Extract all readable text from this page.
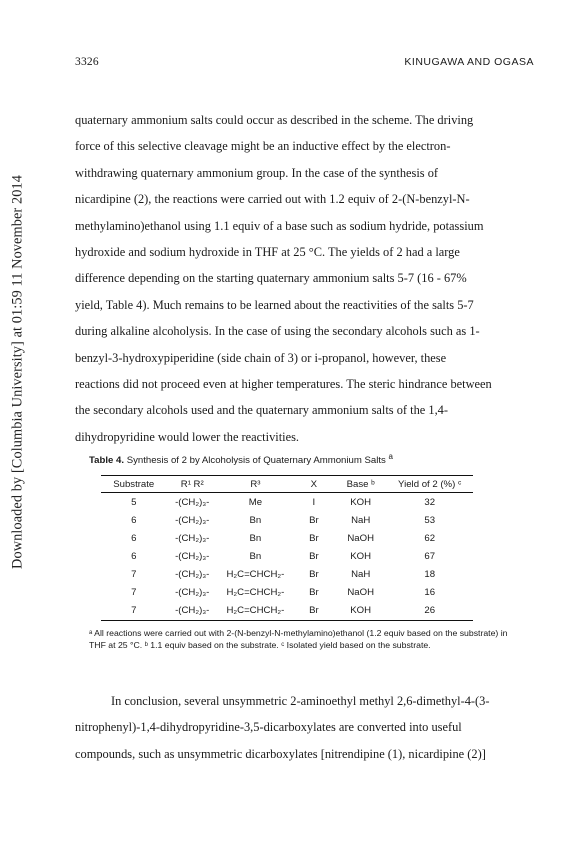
Downloaded by [Columbia University] at 01:59 11 November 2014
3326	KINUGAWA AND OGASA

quaternary ammonium salts could occur as described in the scheme. The driving

force of this selective cleavage might be an inductive effect by the electron-

withdrawing quaternary ammonium group. In the case of the synthesis of

nicardipine (2), the reactions were carried out with 1.2 equiv of 2-(N-benzyl-N-

methylamino)ethanol using 1.1 equiv of a base such as sodium hydride, potassium

hydroxide and sodium hydroxide in THF at 25 °C. The yields of 2 had a large

difference depending on the starting quaternary ammonium salts 5-7 (16 - 67%

yield, Table 4). Much remains to be learned about the reactivities of the salts 5-7

during alkaline alcoholysis. In the case of using the secondary alcohols such as 1-

benzyl-3-hydroxypiperidine (side chain of 3) or i-propanol, however, these

reactions did not proceed even at higher temperatures. The steric hindrance between

the secondary alcohols used and the quaternary ammonium salts of the 1,4-

dihydropyridine would lower the reactivities.

Table 4. Synthesis of 2 by Alcoholysis of Quaternary Ammonium Salts $^a$
Substrate	R¹ R²	R³	X	Base ᵇ	Yield of 2 (%) ᶜ
5	-(CH₂)₃-	Me	I	KOH	32
6	-(CH₂)₃-	Bn	Br	NaH	53
6	-(CH₂)₃-	Bn	Br	NaOH	62
6	-(CH₂)₃-	Bn	Br	KOH	67
7	-(CH₂)₃-	H₂C=CHCH₂-	Br	NaH	18
7	-(CH₂)₃-	H₂C=CHCH₂-	Br	NaOH	16
7	-(CH₂)₃-	H₂C=CHCH₂-	Br	KOH	26
ᵃ All reactions were carried out with 2-(N-benzyl-N-methylamino)ethanol (1.2 equiv based on the substrate) in THF at 25 °C. ᵇ 1.1 equiv based on the substrate. ᶜ Isolated yield based on the substrate.

In conclusion, several unsymmetric 2-aminoethyl methyl 2,6-dimethyl-4-(3-

nitrophenyl)-1,4-dihydropyridine-3,5-dicarboxylates are converted into useful

compounds, such as unsymmetric dicarboxylates [nitrendipine (1), nicardipine (2)]
